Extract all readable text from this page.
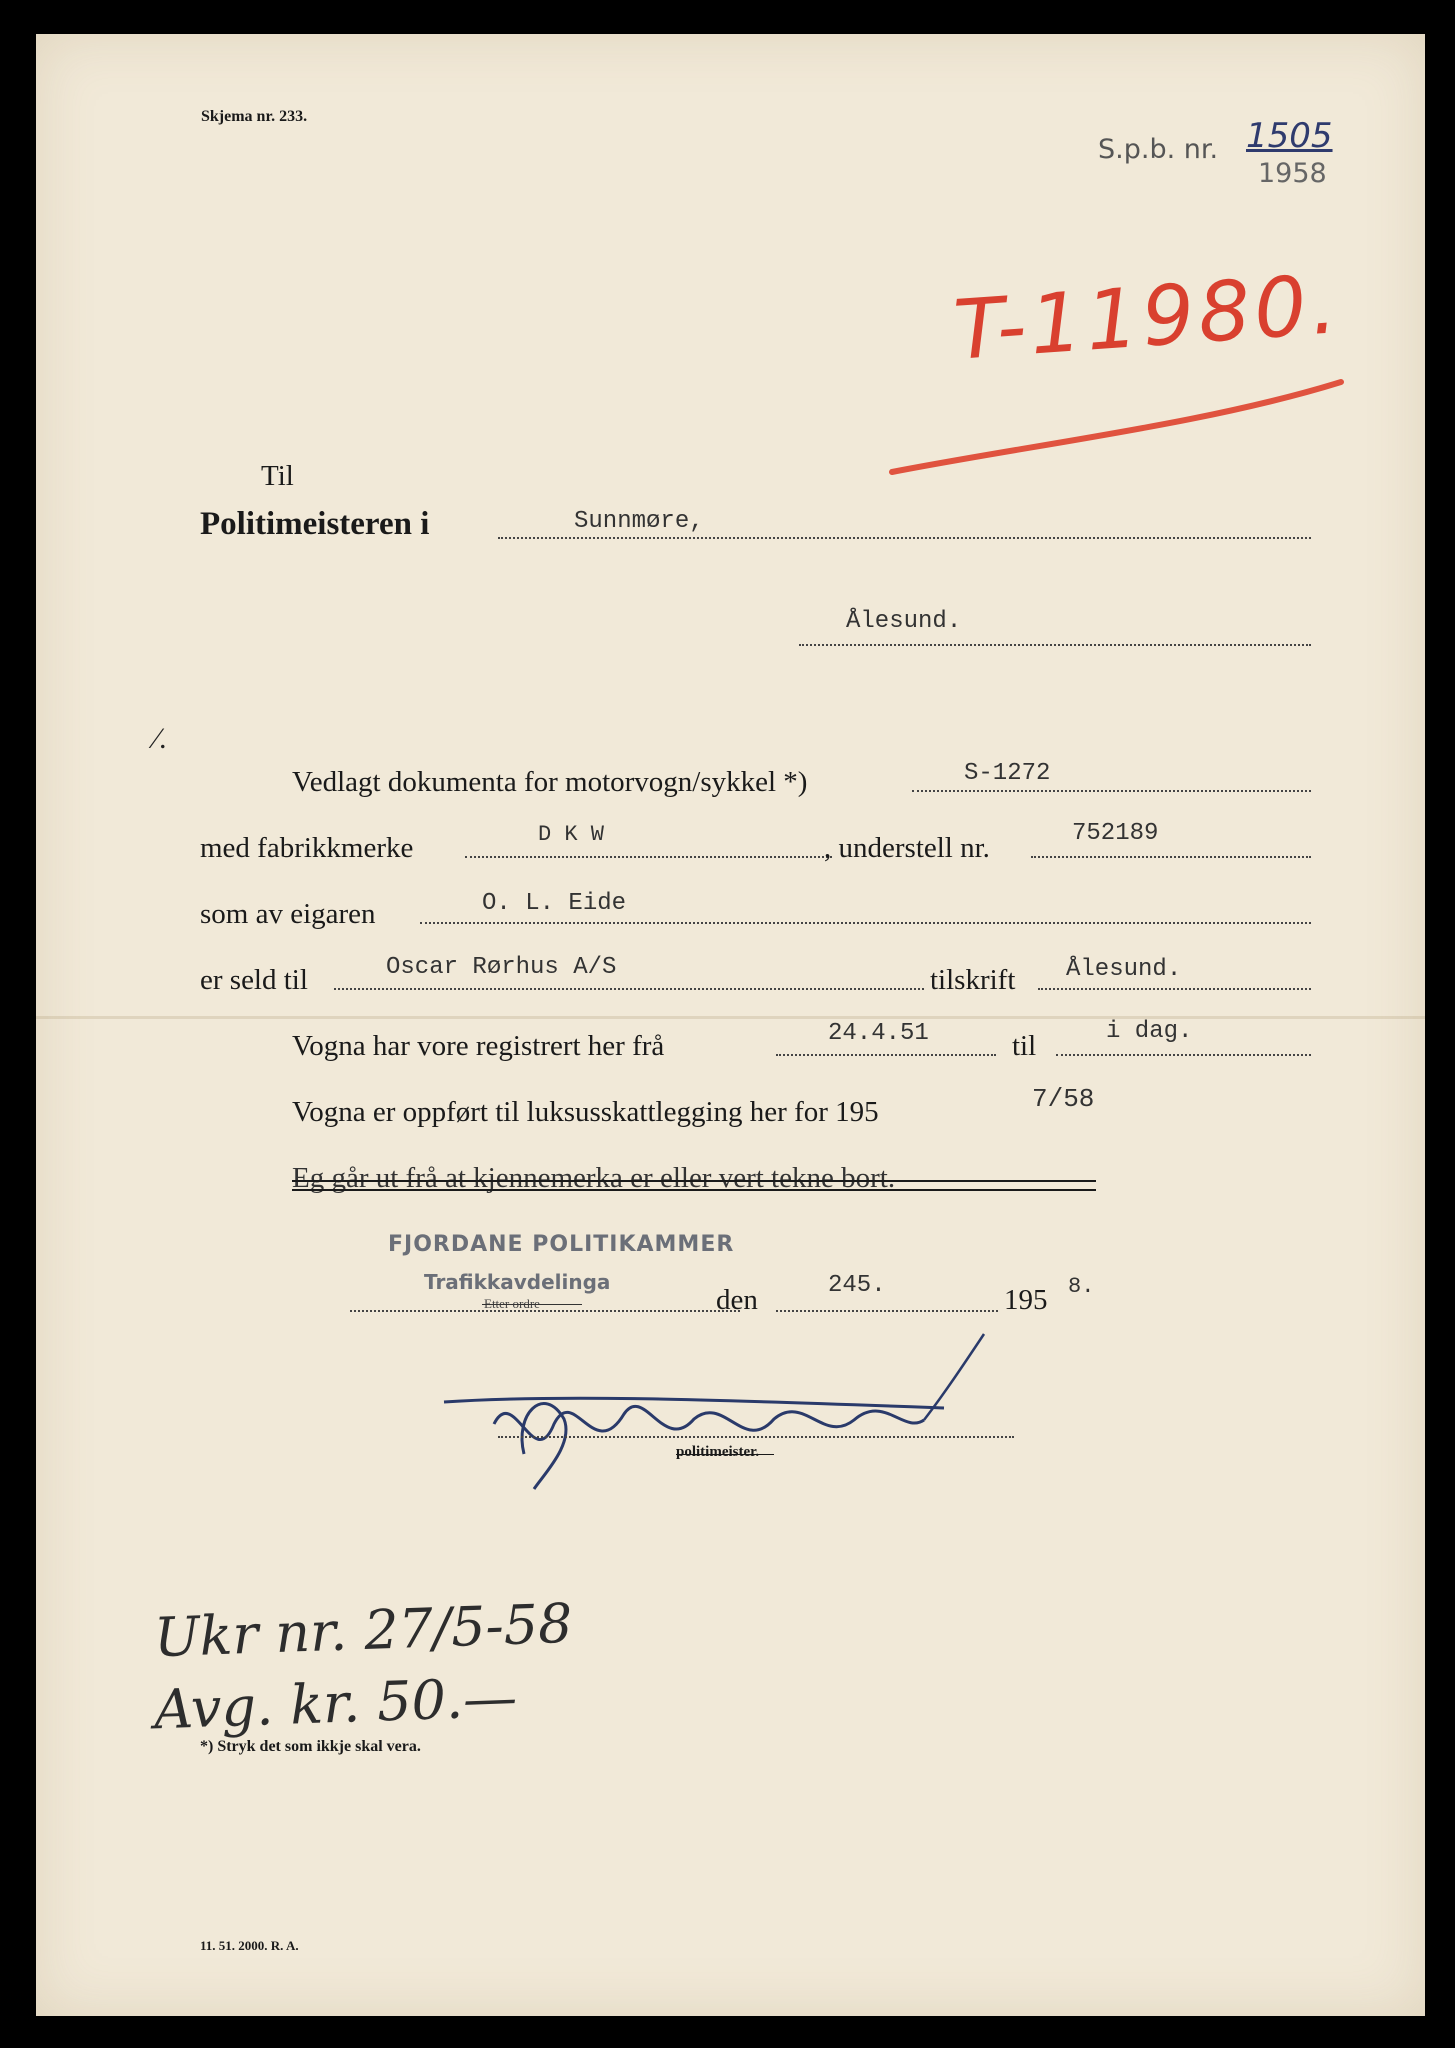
Skjema nr. 233.
S.p.b. nr. 1505
1958
T-11980.
Til
Politimeisteren i	Sunnmøre,
Ålesund.
⁄.
Vedlagt dokumenta for motorvogn/sykkel *)	S-1272
med fabrikkmerke	D K W	, understell nr.	752189
som av eigaren	O. L. Eide
er seld til	Oscar Rørhus A/S	tilskrift Ålesund.
Vogna har vore registrert her frå	24.4.51	til	i dag.
Vogna er oppført til luksusskattlegging her for 195	7/58
Eg går ut frå at kjennemerka er eller vert tekne bort.
FJORDANE POLITIKAMMER
Trafikkavdelinga
Etter ordre	den	245.	195 8.
politimeister.
Ukr nr. 27/5-58
Avg. kr. 50.—
*) Stryk det som ikkje skal vera.
11. 51. 2000. R. A.
